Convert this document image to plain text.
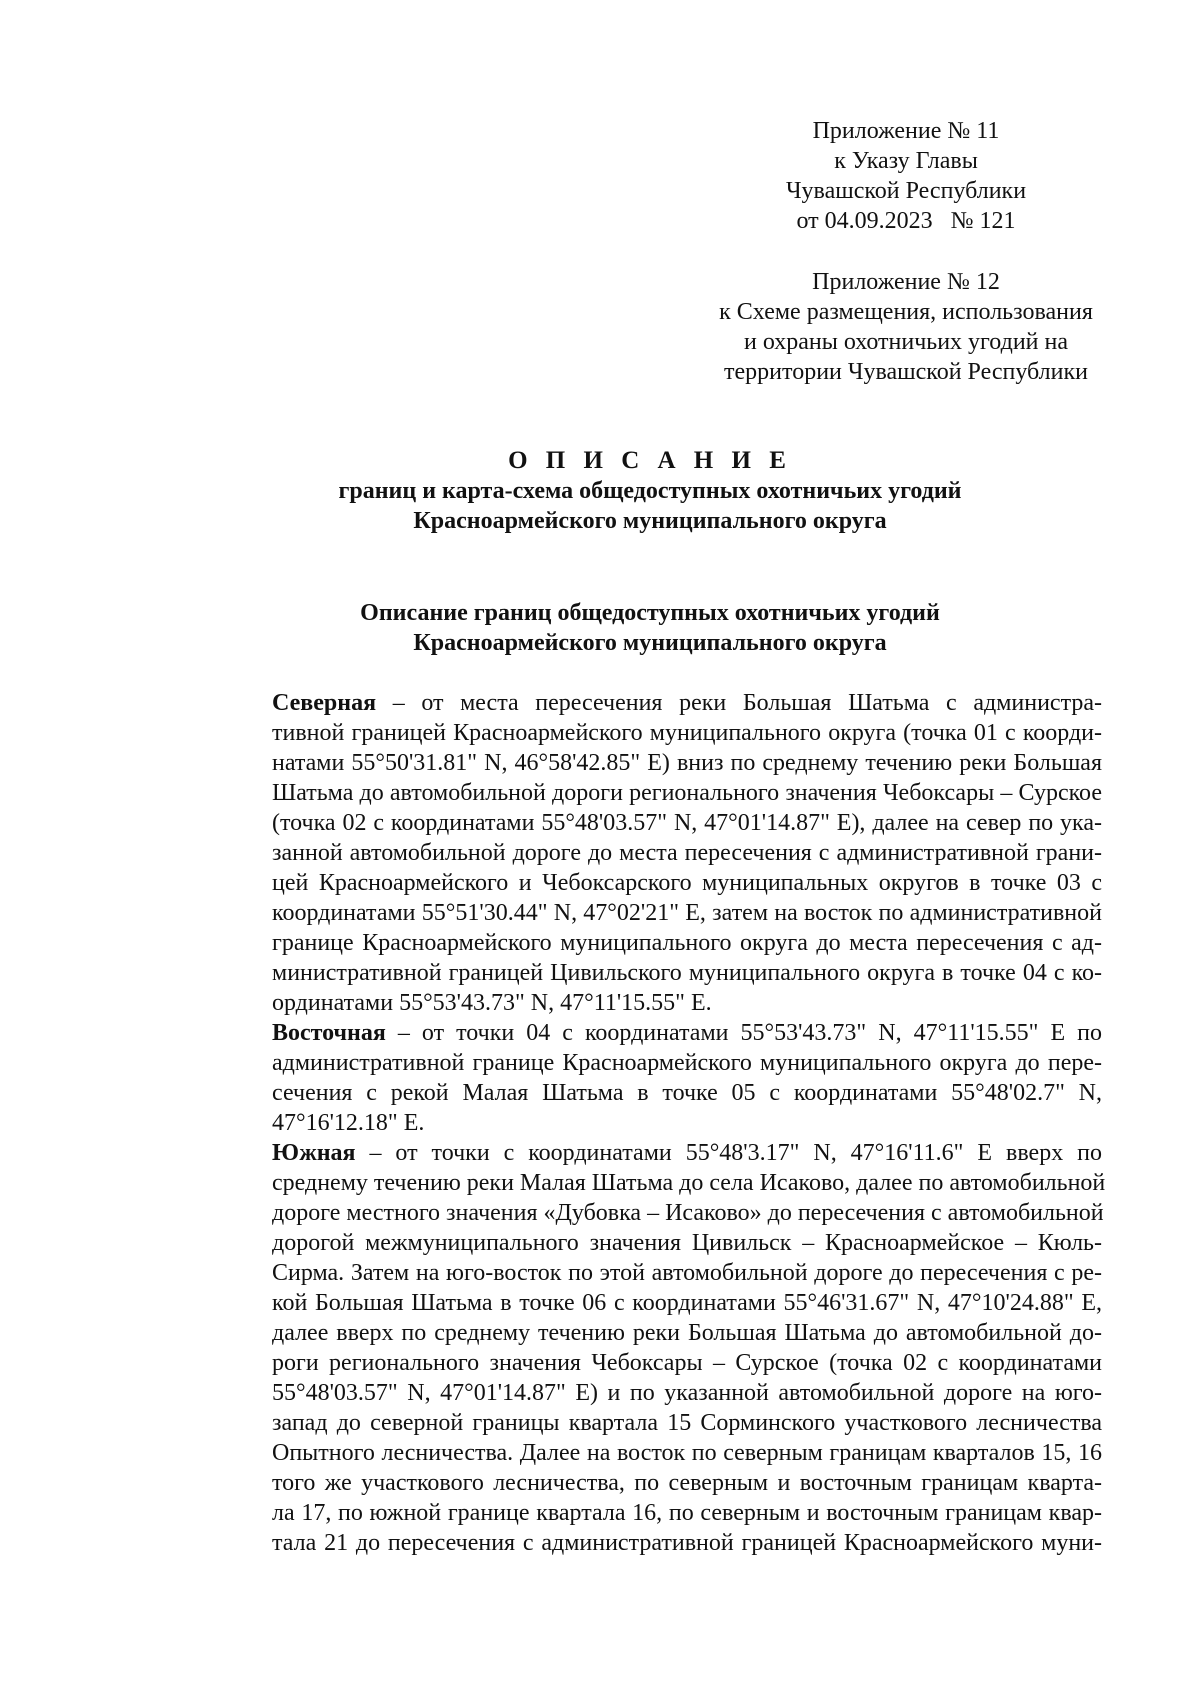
Приложение № 11
к Указу Главы
Чувашской Республики
от 04.09.2023   № 121
Приложение № 12
к Схеме размещения, использования
и охраны охотничьих угодий на
территории Чувашской Республики
О П И С А Н И Е
границ и карта-схема общедоступных охотничьих угодий
Красноармейского муниципального округа
Описание границ общедоступных охотничьих угодий
Красноармейского муниципального округа
Северная – от места пересечения реки Большая Шатьма с администра-
тивной границей Красноармейского муниципального округа (точка 01 с коорди-
натами 55°50'31.81" N, 46°58'42.85" E) вниз по среднему течению реки Большая
Шатьма до автомобильной дороги регионального значения Чебоксары – Сурское
(точка 02 с координатами 55°48'03.57" N, 47°01'14.87" E), далее на север по ука-
занной автомобильной дороге до места пересечения с административной грани-
цей Красноармейского и Чебоксарского муниципальных округов в точке 03 с
координатами 55°51'30.44" N, 47°02'21" E, затем на восток по административной
границе Красноармейского муниципального округа до места пересечения с ад-
министративной границей Цивильского муниципального округа в точке 04 с ко-
ординатами 55°53'43.73" N, 47°11'15.55" E.
Восточная – от точки 04 с координатами 55°53'43.73" N, 47°11'15.55" E по
административной границе Красноармейского муниципального округа до пере-
сечения с рекой Малая Шатьма в точке 05 с координатами 55°48'02.7" N,
47°16'12.18" E.
Южная – от точки с координатами 55°48'3.17" N, 47°16'11.6" E вверх по
среднему течению реки Малая Шатьма до села Исаково, далее по автомобильной
дороге местного значения «Дубовка – Исаково» до пересечения с автомобильной
дорогой межмуниципального значения Цивильск – Красноармейское – Кюль-
Сирма. Затем на юго-восток по этой автомобильной дороге до пересечения с ре-
кой Большая Шатьма в точке 06 с координатами 55°46'31.67" N, 47°10'24.88" E,
далее вверх по среднему течению реки Большая Шатьма до автомобильной до-
роги регионального значения Чебоксары – Сурское (точка 02 с координатами
55°48'03.57" N, 47°01'14.87" E) и по указанной автомобильной дороге на юго-
запад до северной границы квартала 15 Сорминского участкового лесничества
Опытного лесничества. Далее на восток по северным границам кварталов 15, 16
того же участкового лесничества, по северным и восточным границам кварта-
ла 17, по южной границе квартала 16, по северным и восточным границам квар-
тала 21 до пересечения с административной границей Красноармейского муни-
